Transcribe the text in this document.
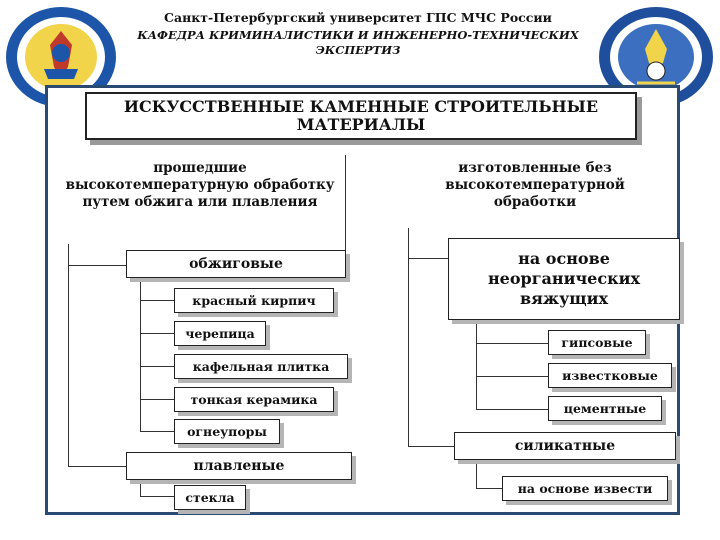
Санкт-Петербургский университет ГПС МЧС России
КАФЕДРА КРИМИНАЛИСТИКИ И ИНЖЕНЕРНО-ТЕХНИЧЕСКИХ ЭКСПЕРТИЗ
ИСКУССТВЕННЫЕ КАМЕННЫЕ СТРОИТЕЛЬНЫЕ МАТЕРИАЛЫ
прошедшие высокотемпературную обработку путем обжига или плавления
изготовленные без высокотемпературной обработки
обжиговые
красный кирпич
черепица
кафельная плитка
тонкая керамика
огнеупоры
плавленые
стекла
на основе неорганических вяжущих
гипсовые
известковые
цементные
силикатные
на основе извести
